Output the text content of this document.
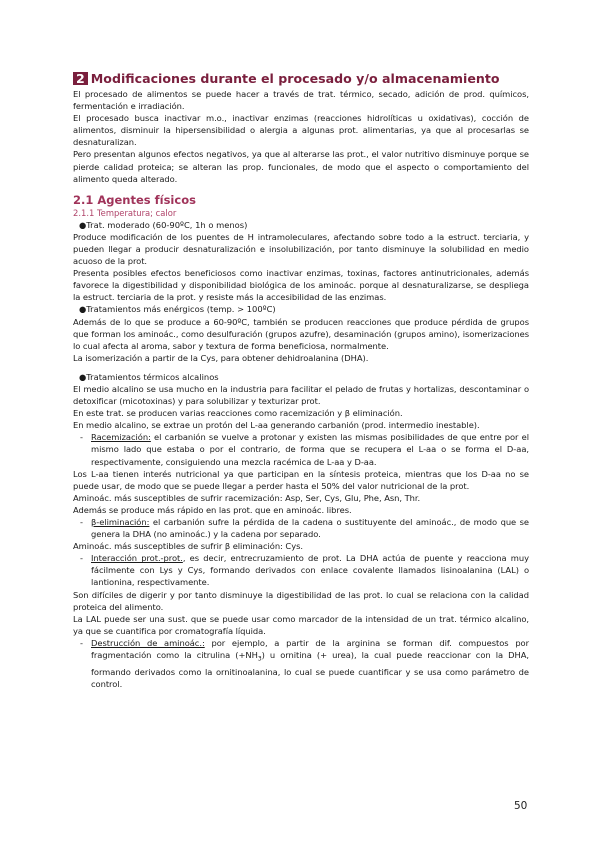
2 Modificaciones durante el procesado y/o almacenamiento

El procesado de alimentos se puede hacer a través de trat. térmico, secado, adición de prod. químicos, fermentación e irradiación.

El procesado busca inactivar m.o., inactivar enzimas (reacciones hidrolíticas u oxidativas), cocción de alimentos, disminuir la hipersensibilidad o alergia a algunas prot. alimentarias, ya que al procesarlas se desnaturalizan.

Pero presentan algunos efectos negativos, ya que al alterarse las prot., el valor nutritivo disminuye porque se pierde calidad proteica; se alteran las prop. funcionales, de modo que el aspecto o comportamiento del alimento queda alterado.

2.1 Agentes físicos
2.1.1 Temperatura; calor
●Trat. moderado (60-90ºC, 1h o menos)

Produce modificación de los puentes de H intramoleculares, afectando sobre todo a la estruct. terciaria, y pueden llegar a producir desnaturalización e insolubilización, por tanto disminuye la solubilidad en medio acuoso de la prot.

Presenta posibles efectos beneficiosos como inactivar enzimas, toxinas, factores antinutricionales, además favorece la digestibilidad y disponibilidad biológica de los aminoác. porque al desnaturalizarse, se despliega la estruct. terciaria de la prot. y resiste más la accesibilidad de las enzimas.

●Tratamientos más enérgicos (temp. > 100ºC)

Además de lo que se produce a 60-90ºC, también se producen reacciones que produce pérdida de grupos que forman los aminoác., como desulfuración (grupos azufre), desaminación (grupos amino), isomerizaciones lo cual afecta al aroma, sabor y textura de forma beneficiosa, normalmente.

La isomerización a partir de la Cys, para obtener dehidroalanina (DHA).

●Tratamientos térmicos alcalinos

El medio alcalino se usa mucho en la industria para facilitar el pelado de frutas y hortalizas, descontaminar o detoxificar (micotoxinas) y para solubilizar y texturizar prot.

En este trat. se producen varias reacciones como racemización y β eliminación.

En medio alcalino, se extrae un protón del L-aa generando carbanión (prod. intermedio inestable).

- Racemización: el carbanión se vuelve a protonar y existen las mismas posibilidades de que entre por el mismo lado que estaba o por el contrario, de forma que se recupera el L-aa o se forma el D-aa, respectivamente, consiguiendo una mezcla racémica de L-aa y D-aa.

Los L-aa tienen interés nutricional ya que participan en la síntesis proteica, mientras que los D-aa no se puede usar, de modo que se puede llegar a perder hasta el 50% del valor nutricional de la prot.

Aminoác. más susceptibles de sufrir racemización: Asp, Ser, Cys, Glu, Phe, Asn, Thr.

Además se produce más rápido en las prot. que en aminoác. libres.

- β-eliminación: el carbanión sufre la pérdida de la cadena o sustituyente del aminoác., de modo que se genera la DHA (no aminoác.) y la cadena por separado.

Aminoác. más susceptibles de sufrir β eliminación: Cys.

- Interacción prot.-prot., es decir, entrecruzamiento de prot. La DHA actúa de puente y reacciona muy fácilmente con Lys y Cys, formando derivados con enlace covalente llamados lisinoalanina (LAL) o lantionina, respectivamente.

Son difíciles de digerir y por tanto disminuye la digestibilidad de las prot. lo cual se relaciona con la calidad proteica del alimento.

La LAL puede ser una sust. que se puede usar como marcador de la intensidad de un trat. térmico alcalino, ya que se cuantifica por cromatografía líquida.

- Destrucción de aminoác.: por ejemplo, a partir de la arginina se forman dif. compuestos por fragmentación como la citrulina $(+NH_3)$ u ornitina (+ urea), la cual puede reaccionar con la DHA, formando derivados como la ornitinoalanina, lo cual se puede cuantificar y se usa como parámetro de control.
50
